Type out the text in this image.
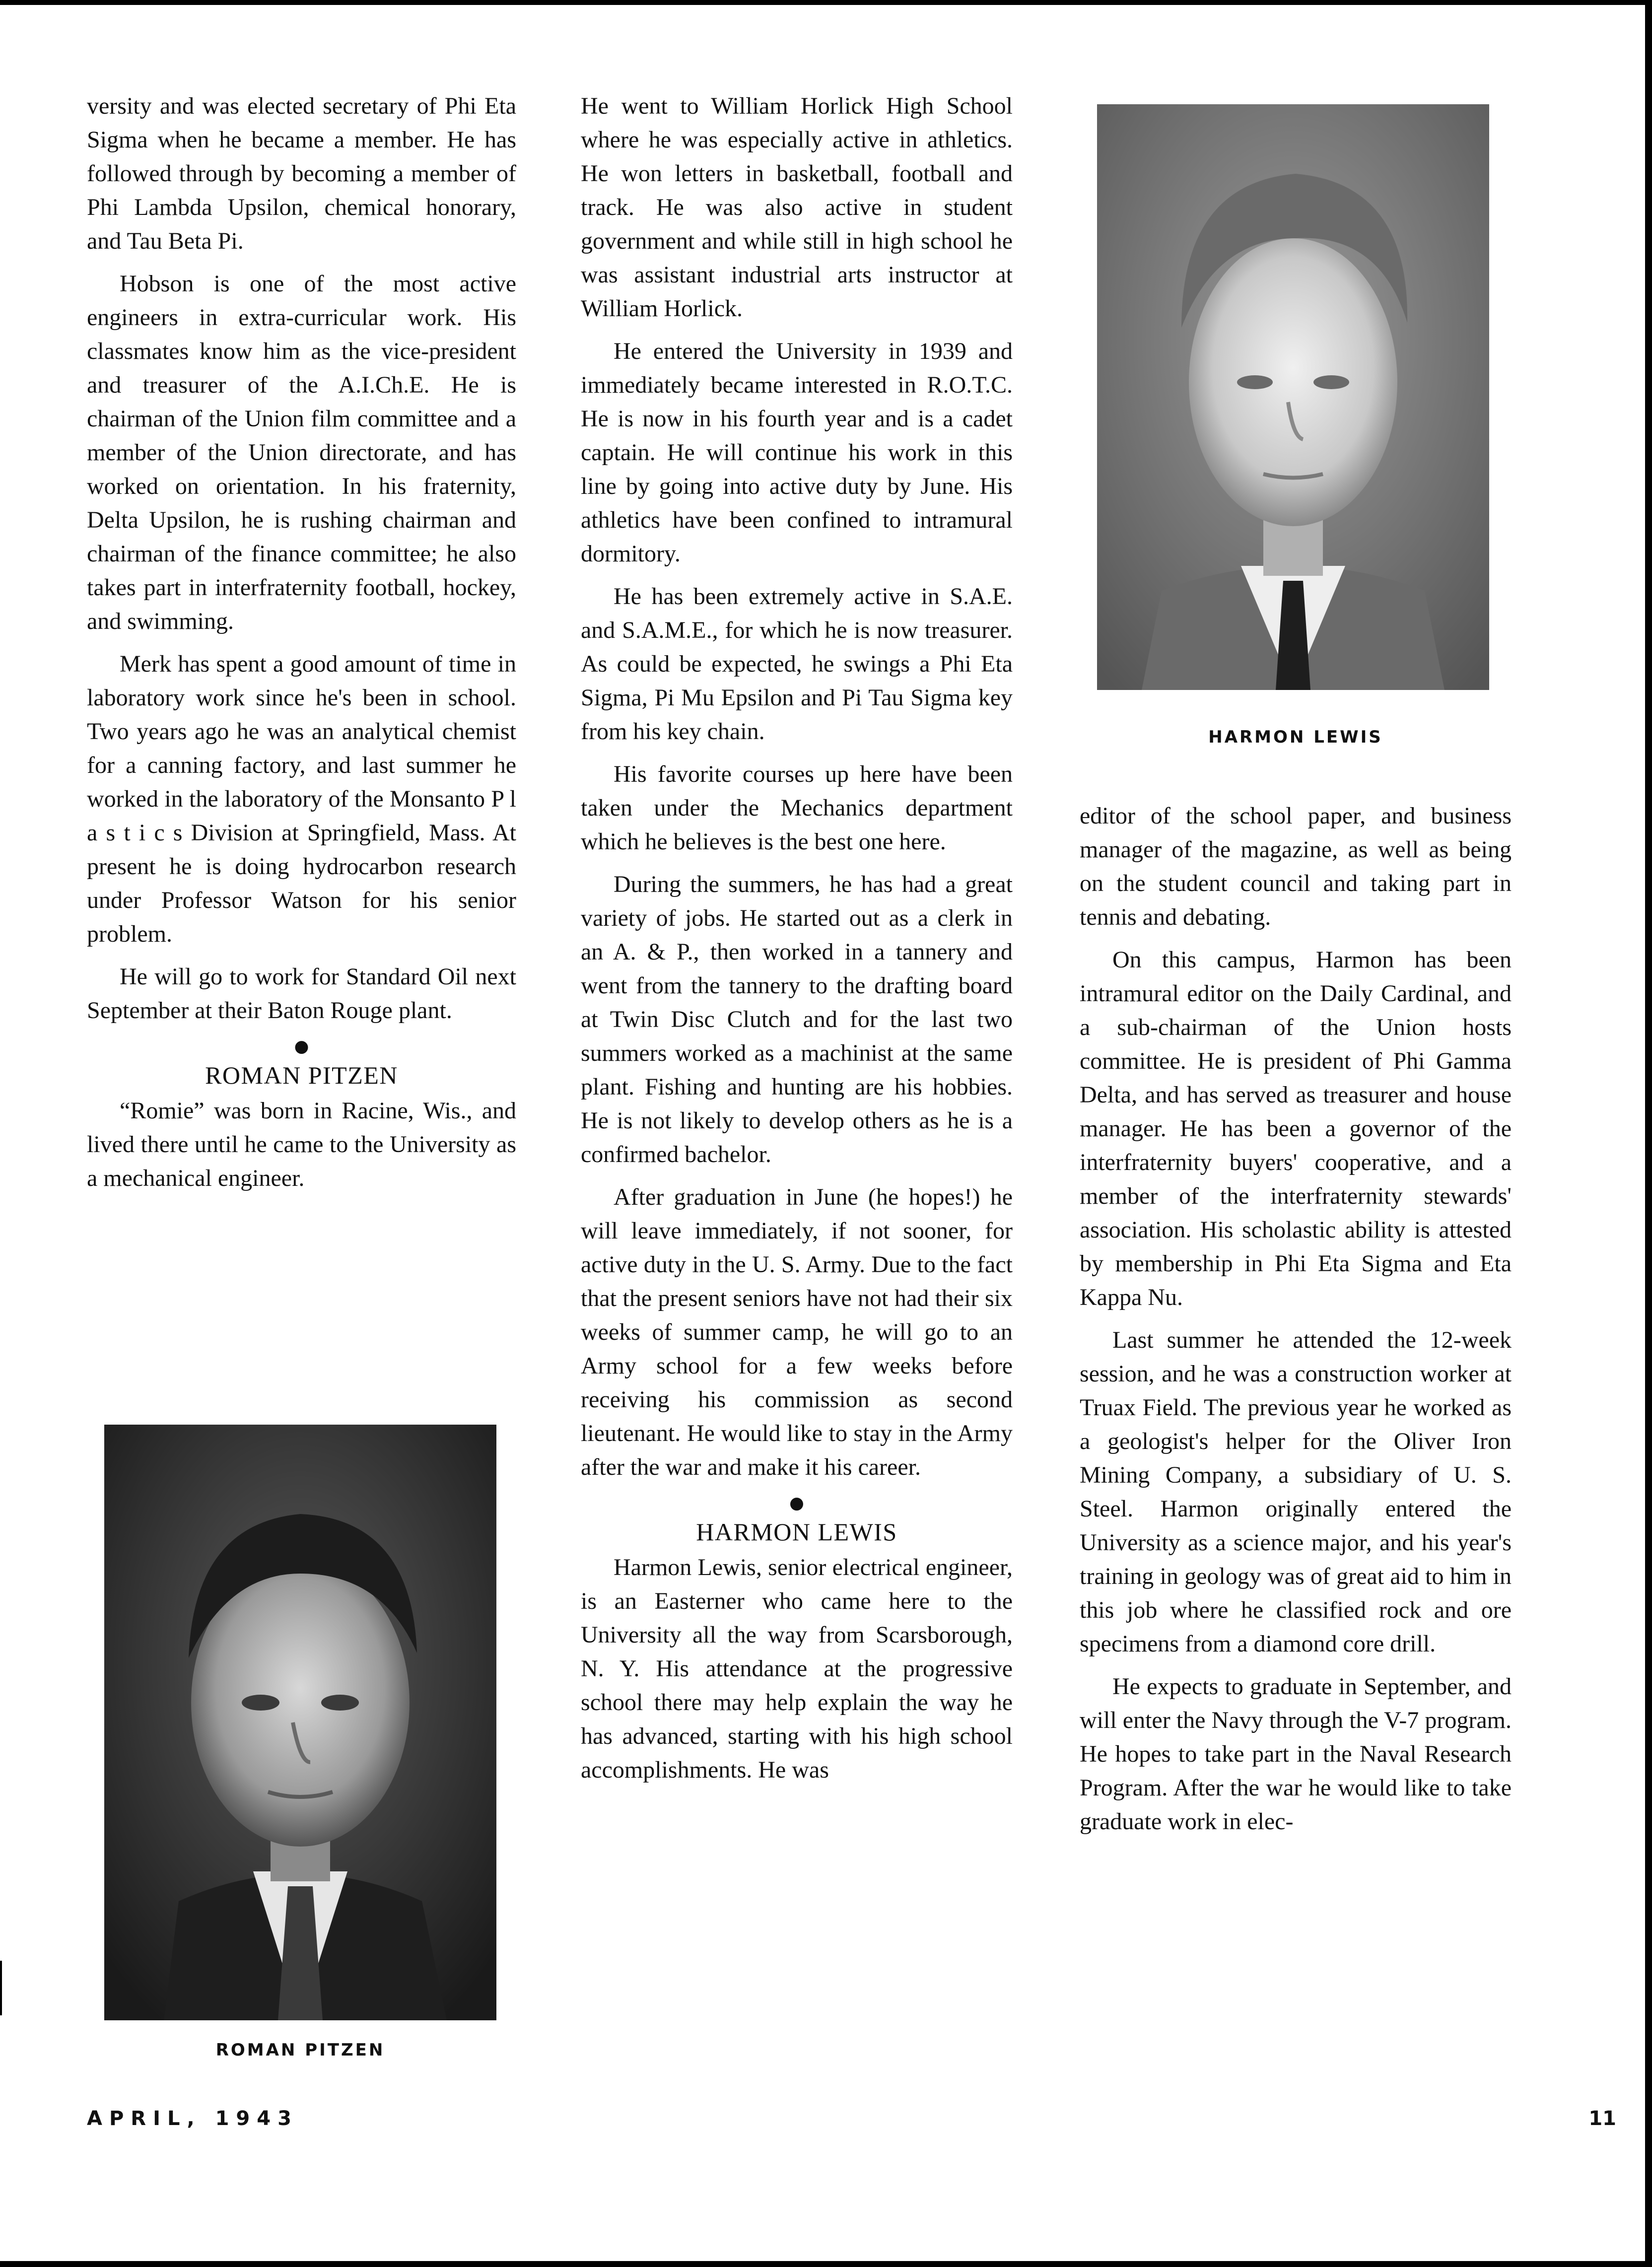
versity and was elected secretary of Phi Eta Sigma when he became a member. He has followed through by becoming a member of Phi Lambda Upsilon, chemical honorary, and Tau Beta Pi.

Hobson is one of the most active engineers in extra-curricular work. His classmates know him as the vice-president and treasurer of the A.I.Ch.E. He is chairman of the Union film committee and a member of the Union directorate, and has worked on orientation. In his fraternity, Delta Upsilon, he is rushing chairman and chairman of the finance committee; he also takes part in interfraternity football, hockey, and swimming.

Merk has spent a good amount of time in laboratory work since he's been in school. Two years ago he was an analytical chemist for a canning factory, and last summer he worked in the laboratory of the Monsanto P l a s t i c s Division at Springfield, Mass. At present he is doing hydrocarbon research under Professor Watson for his senior problem.

He will go to work for Standard Oil next September at their Baton Rouge plant.

●
ROMAN PITZEN

“Romie” was born in Racine, Wis., and lived there until he came to the University as a mechanical engineer.

ROMAN PITZEN

He went to William Horlick High School where he was especially active in athletics. He won letters in basketball, football and track. He was also active in student government and while still in high school he was assistant industrial arts instructor at William Horlick.

He entered the University in 1939 and immediately became interested in R.O.T.C. He is now in his fourth year and is a cadet captain. He will continue his work in this line by going into active duty by June. His athletics have been confined to intramural dormitory.

He has been extremely active in S.A.E. and S.A.M.E., for which he is now treasurer. As could be expected, he swings a Phi Eta Sigma, Pi Mu Epsilon and Pi Tau Sigma key from his key chain.

His favorite courses up here have been taken under the Mechanics department which he believes is the best one here.

During the summers, he has had a great variety of jobs. He started out as a clerk in an A. & P., then worked in a tannery and went from the tannery to the drafting board at Twin Disc Clutch and for the last two summers worked as a machinist at the same plant. Fishing and hunting are his hobbies. He is not likely to develop others as he is a confirmed bachelor.

After graduation in June (he hopes!) he will leave immediately, if not sooner, for active duty in the U. S. Army. Due to the fact that the present seniors have not had their six weeks of summer camp, he will go to an Army school for a few weeks before receiving his commission as second lieutenant. He would like to stay in the Army after the war and make it his career.

●
HARMON LEWIS

Harmon Lewis, senior electrical engineer, is an Easterner who came here to the University all the way from Scarsborough, N. Y. His attendance at the progressive school there may help explain the way he has advanced, starting with his high school accomplishments. He was

HARMON LEWIS

editor of the school paper, and business manager of the magazine, as well as being on the student council and taking part in tennis and debating.

On this campus, Harmon has been intramural editor on the Daily Cardinal, and a sub-chairman of the Union hosts committee. He is president of Phi Gamma Delta, and has served as treasurer and house manager. He has been a governor of the interfraternity buyers' cooperative, and a member of the interfraternity stewards' association. His scholastic ability is attested by membership in Phi Eta Sigma and Eta Kappa Nu.

Last summer he attended the 12-week session, and he was a construction worker at Truax Field. The previous year he worked as a geologist's helper for the Oliver Iron Mining Company, a subsidiary of U. S. Steel. Harmon originally entered the University as a science major, and his year's training in geology was of great aid to him in this job where he classified rock and ore specimens from a diamond core drill.

He expects to graduate in September, and will enter the Navy through the V-7 program. He hopes to take part in the Naval Research Program. After the war he would like to take graduate work in elec-

APRIL, 1943	11
